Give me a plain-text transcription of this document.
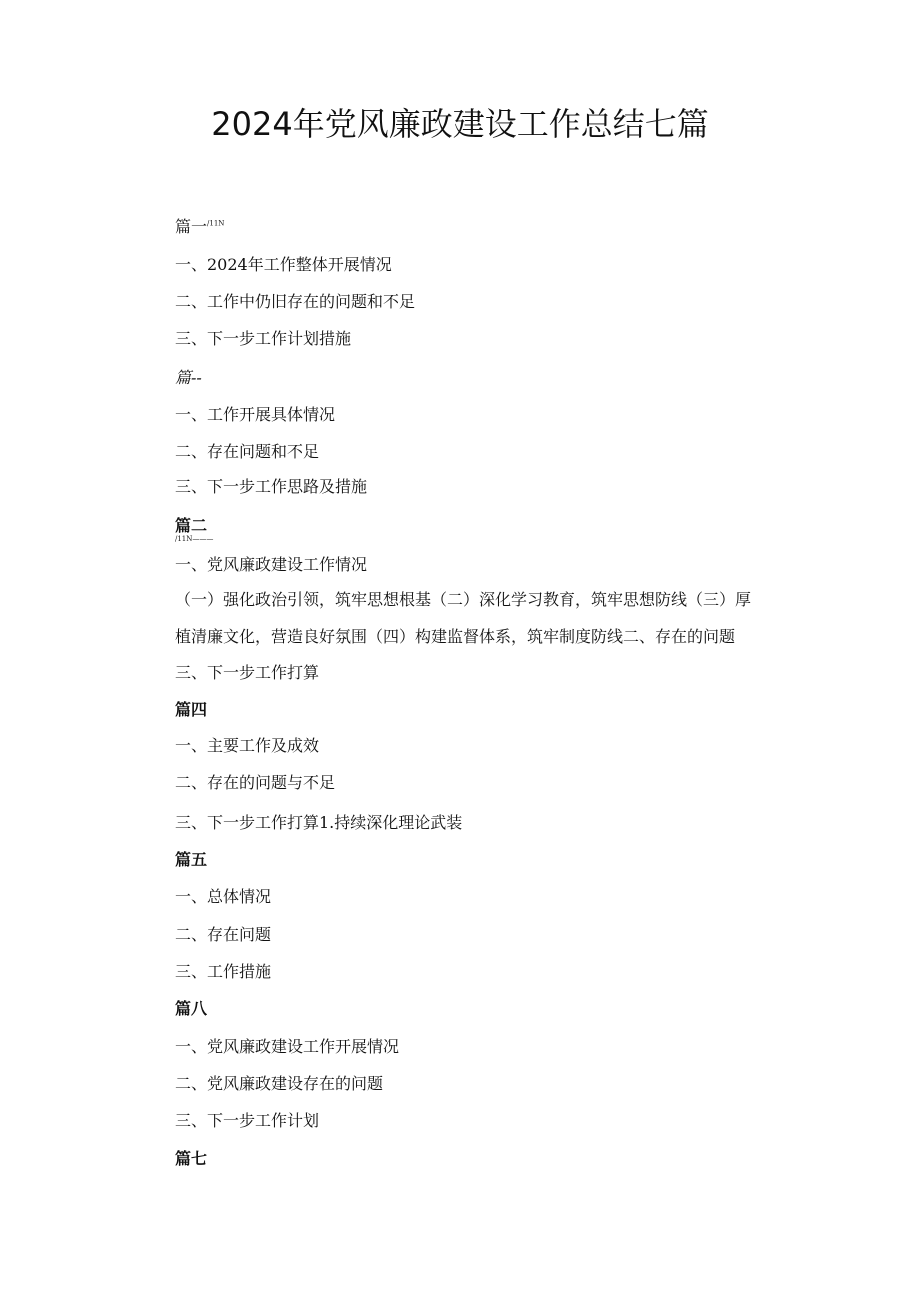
2024年党风廉政建设工作总结七篇
篇一$^{/11N}$
一、2024年工作整体开展情况
二、工作中仍旧存在的问题和不足
三、下一步工作计划措施
篇--
一、工作开展具体情况
二、存在问题和不足
三、下一步工作思路及措施
篇二
/11N———
一、党风廉政建设工作情况
（一）强化政治引领，筑牢思想根基（二）深化学习教育，筑牢思想防线（三）厚
植清廉文化，营造良好氛围（四）构建监督体系，筑牢制度防线二、存在的问题
三、下一步工作打算
篇四
一、主要工作及成效
二、存在的问题与不足
三、下一步工作打算1.持续深化理论武装
篇五
一、总体情况
二、存在问题
三、工作措施
篇八
一、党风廉政建设工作开展情况
二、党风廉政建设存在的问题
三、下一步工作计划
篇七
